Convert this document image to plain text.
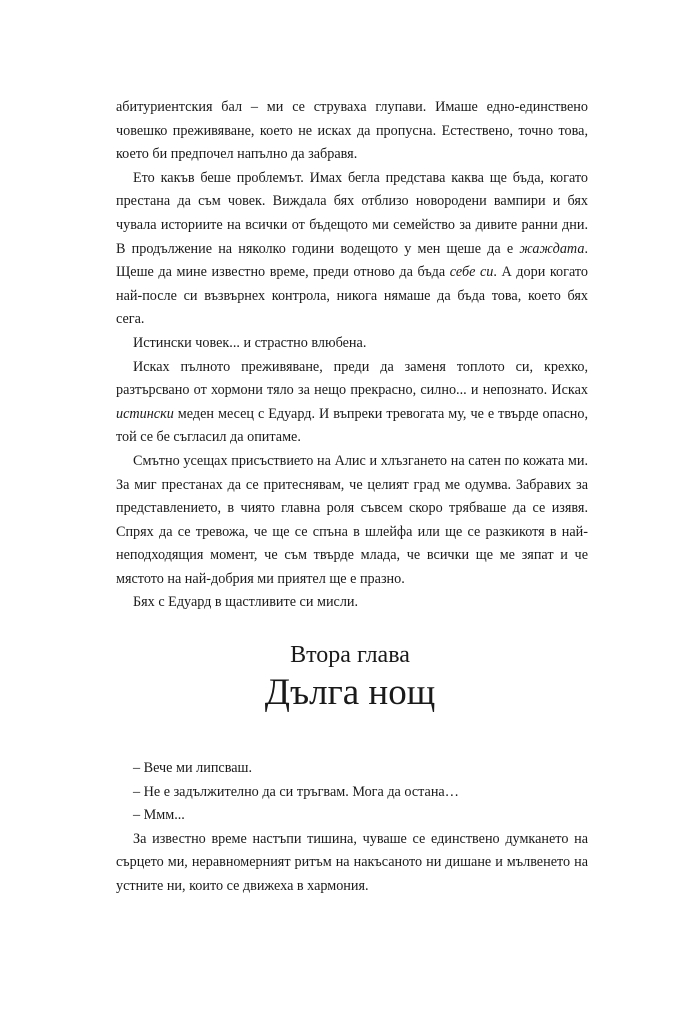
абитуриентския бал – ми се струваха глупави. Имаше едно-единствено човешко преживяване, което не исках да пропусна. Естествено, точно това, което би предпочел напълно да забравя.

Ето какъв беше проблемът. Имах бегла представа каква ще бъда, когато престана да съм човек. Виждала бях отблизо новородени вампири и бях чувала историите на всички от бъдещото ми семейство за дивите ранни дни. В продължение на няколко години водещото у мен щеше да е жаждата. Щеше да мине известно време, преди отново да бъда себе си. А дори когато най-после си възвърнех контрола, никога нямаше да бъда това, което бях сега.

Истински човек... и страстно влюбена.

Исках пълното преживяване, преди да заменя топлото си, крехко, разтърсвано от хормони тяло за нещо прекрасно, силно... и непознато. Исках истински меден месец с Едуард. И въпреки тревогата му, че е твърде опасно, той се бе съгласил да опитаме.

Смътно усещах присъствието на Алис и хлъзгането на сатен по кожата ми. За миг престанах да се притеснявам, че целият град ме одумва. Забравих за представлението, в чиято главна роля съвсем скоро трябваше да се изявя. Спрях да се тревожа, че ще се спъна в шлейфа или ще се разкикотя в най-неподходящия момент, че съм твърде млада, че всички ще ме зяпат и че мястото на най-добрия ми приятел ще е празно.

Бях с Едуард в щастливите си мисли.

Втора глава
Дълга нощ

– Вече ми липсваш.

– Не е задължително да си тръгвам. Мога да остана…

– Ммм...

За известно време настъпи тишина, чуваше се единствено думкането на сърцето ми, неравномерният ритъм на накъсаното ни дишане и мълвенето на устните ни, които се движеха в хармония.
